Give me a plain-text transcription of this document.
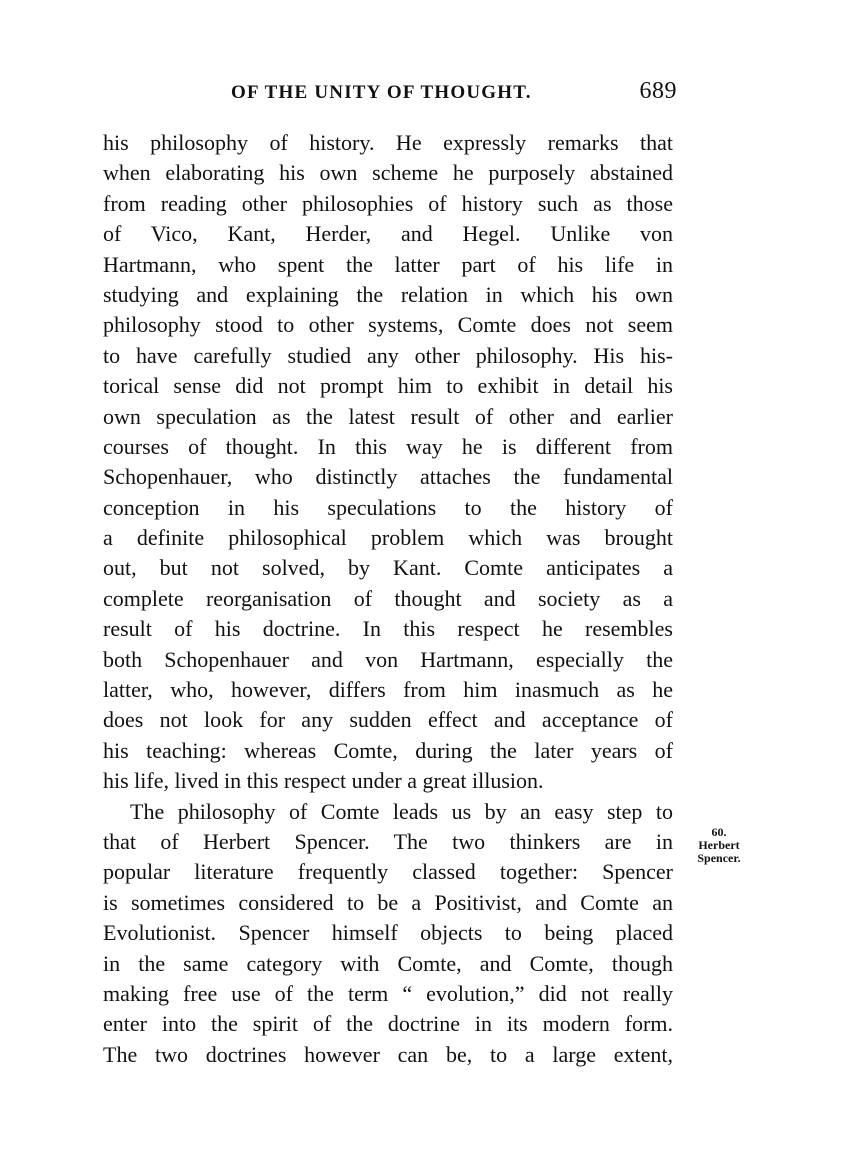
OF THE UNITY OF THOUGHT.	689
his philosophy of history. He expressly remarks that
when elaborating his own scheme he purposely abstained
from reading other philosophies of history such as those
of Vico, Kant, Herder, and Hegel. Unlike von
Hartmann, who spent the latter part of his life in
studying and explaining the relation in which his own
philosophy stood to other systems, Comte does not seem
to have carefully studied any other philosophy. His his-
torical sense did not prompt him to exhibit in detail his
own speculation as the latest result of other and earlier
courses of thought. In this way he is different from
Schopenhauer, who distinctly attaches the fundamental
conception in his speculations to the history of
a definite philosophical problem which was brought
out, but not solved, by Kant. Comte anticipates a
complete reorganisation of thought and society as a
result of his doctrine. In this respect he resembles
both Schopenhauer and von Hartmann, especially the
latter, who, however, differs from him inasmuch as he
does not look for any sudden effect and acceptance of
his teaching: whereas Comte, during the later years of
his life, lived in this respect under a great illusion.
The philosophy of Comte leads us by an easy step to
that of Herbert Spencer. The two thinkers are in
popular literature frequently classed together: Spencer
is sometimes considered to be a Positivist, and Comte an
Evolutionist. Spencer himself objects to being placed
in the same category with Comte, and Comte, though
making free use of the term “ evolution,” did not really
enter into the spirit of the doctrine in its modern form.
The two doctrines however can be, to a large extent,
60.
Herbert
Spencer.
